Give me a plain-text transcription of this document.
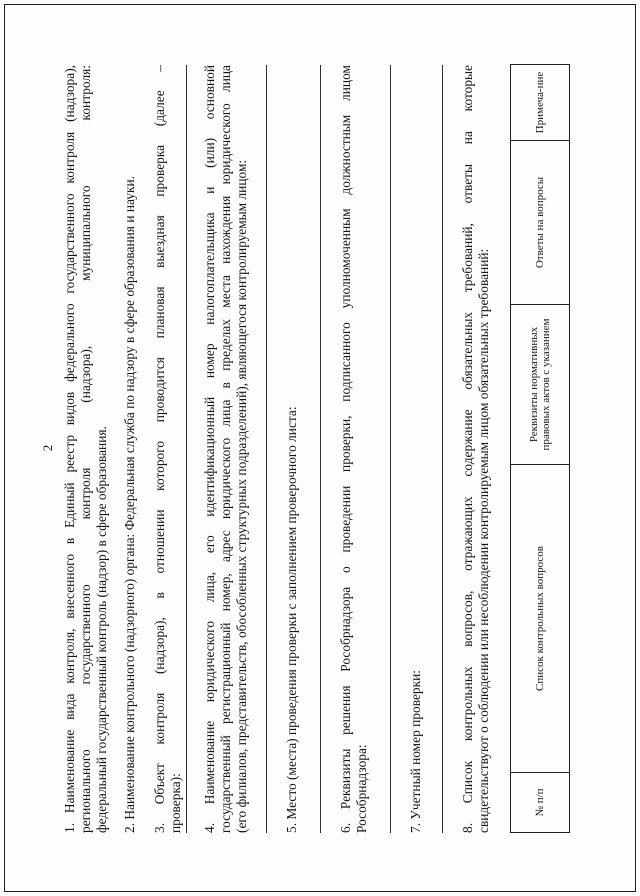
2 1. Наименование вида контроля, внесенного в Единый реестр видов федерального государственного контроля (надзора), регионального государственного контроля (надзора), муниципального контроля: федеральный государственный контроль (надзор) в сфере образования. 2. Наименование контрольного (надзорного) органа: Федеральная служба по надзору в сфере образования и науки. 3. Объект контроля (надзора), в отношении которого проводится плановая выездная проверка (далее – проверка): 4. Наименование юридического лица, его идентификационный номер налогоплательщика и (или) основной государственный регистрационный номер, адрес юридического лица в пределах места нахождения юридического лица (его филиалов, представительств, обособленных структурных подразделений), являющегося контролируемым лицом:	5. Место (места) проведения проверки с заполнением проверочного листа:	6. Реквизиты решения Рособрнадзора о проведении проверки, подписанного уполномоченным должностным лицом Рособрнадзора:	7. Учетный номер проверки:	8. Список контрольных вопросов, отражающих содержание обязательных требований, ответы на которые свидетельствуют о соблюдении или несоблюдении контролируемым лицом обязательных требований:	№ п/п	Список контрольных вопросов	Реквизиты нормативных правовых актов с указанием	Ответы на вопросы	Примеча-ние
